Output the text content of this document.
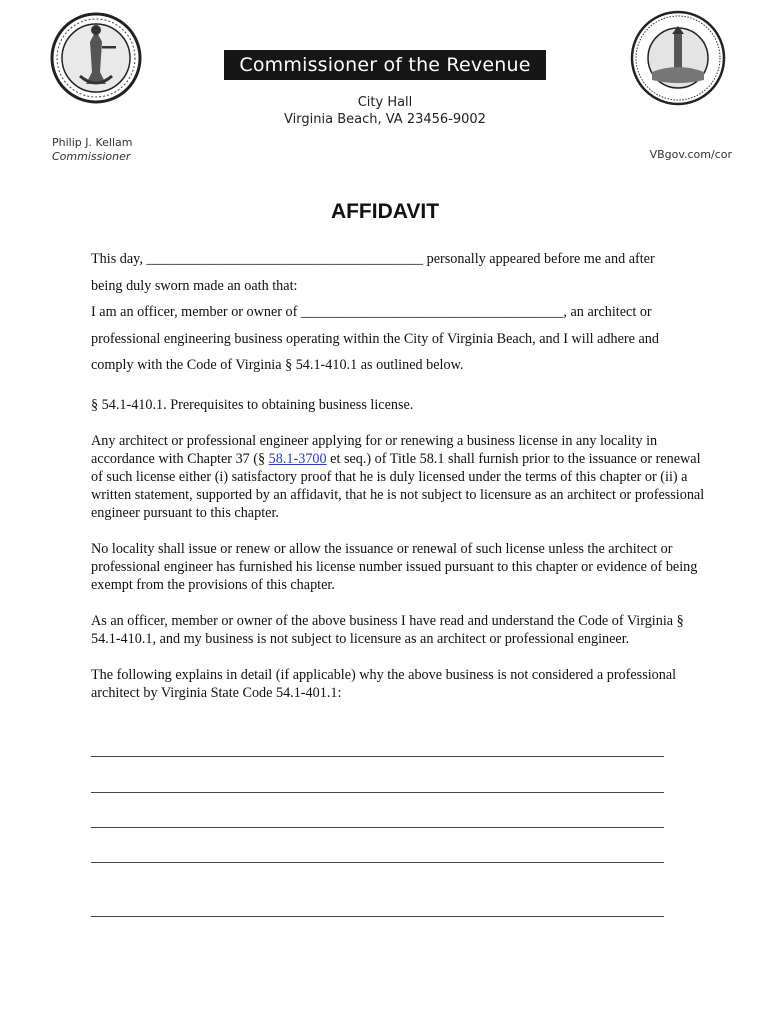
Commissioner of the Revenue
City Hall
Virginia Beach, VA 23456-9002
Philip J. Kellam
Commissioner	VBgov.com/cor
AFFIDAVIT
This day, _______________________________________ personally appeared before me and after
being duly sworn made an oath that:
I am an officer, member or owner of _____________________________________, an architect or
professional engineering business operating within the City of Virginia Beach, and I will adhere and
comply with the Code of Virginia § 54.1-410.1 as outlined below.

§ 54.1-410.1. Prerequisites to obtaining business license.

Any architect or professional engineer applying for or renewing a business license in any locality in accordance with Chapter 37 (§ 58.1-3700 et seq.) of Title 58.1 shall furnish prior to the issuance or renewal of such license either (i) satisfactory proof that he is duly licensed under the terms of this chapter or (ii) a written statement, supported by an affidavit, that he is not subject to licensure as an architect or professional engineer pursuant to this chapter.

No locality shall issue or renew or allow the issuance or renewal of such license unless the architect or professional engineer has furnished his license number issued pursuant to this chapter or evidence of being exempt from the provisions of this chapter.

As an officer, member or owner of the above business I have read and understand the Code of Virginia § 54.1-410.1, and my business is not subject to licensure as an architect or professional engineer.

The following explains in detail (if applicable) why the above business is not considered a professional architect by Virginia State Code 54.1-401.1:
